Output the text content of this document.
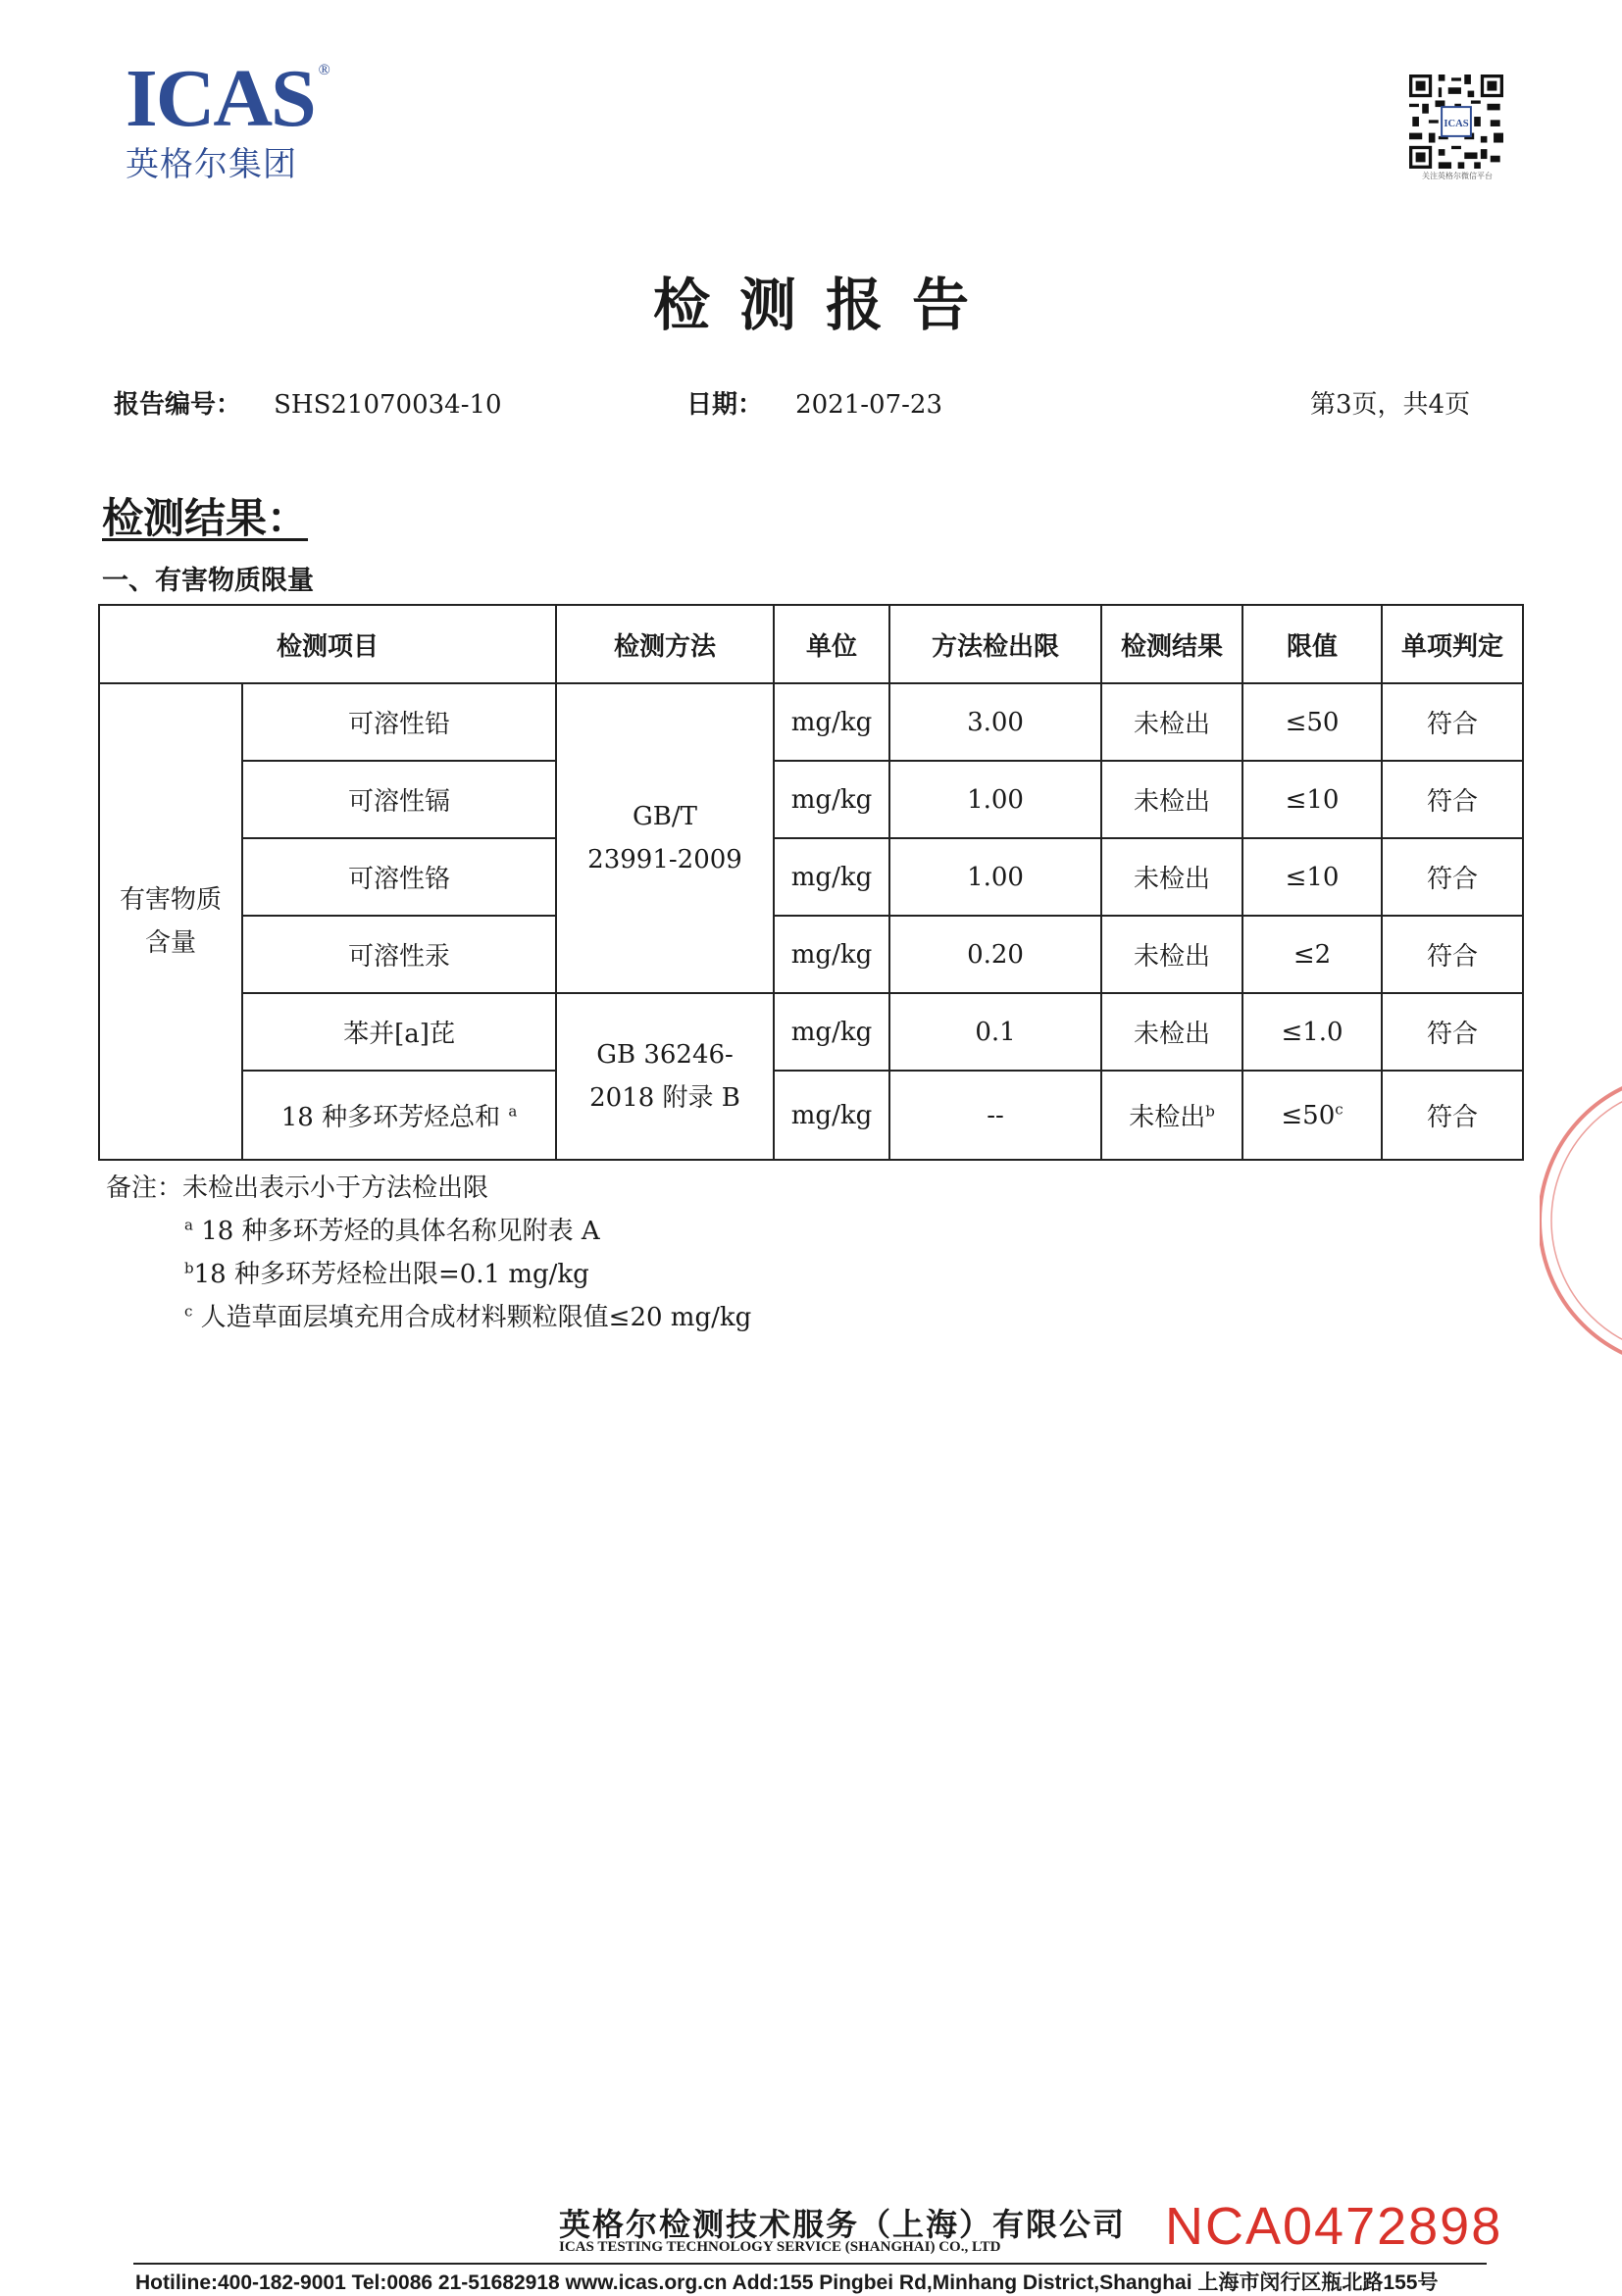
ICAS ®
英格尔集团
ICAS
关注英格尔微信平台
检测报告
报告编号： SHS21070034-10	日期： 2021-07-23	第3页，共4页
检测结果：
一、有害物质限量
检测项目		检测方法	单位	方法检出限	检测结果	限值	单项判定
有害物质含量	可溶性铅	GB/T 23991-2009	mg/kg	3.00	未检出	≤50	符合
	可溶性镉		mg/kg	1.00	未检出	≤10	符合
	可溶性铬		mg/kg	1.00	未检出	≤10	符合
	可溶性汞		mg/kg	0.20	未检出	≤2	符合
	苯并[a]芘	GB 36246-2018 附录 B	mg/kg	0.1	未检出	≤1.0	符合
	18 种多环芳烃总和 $^a$		mg/kg	--	未检出$^b$	$\le 50^c$	符合
备注：未检出表示小于方法检出限
$^a$ 18 种多环芳烃的具体名称见附表 A
$^b$18 种多环芳烃检出限=0.1 mg/kg
$^c$ 人造草面层填充用合成材料颗粒限值≤20 mg/kg
英格尔检测技术服务（上海）有限公司
ICAS TESTING TECHNOLOGY SERVICE (SHANGHAI) CO., LTD	NCA0472898
Hotiline:400-182-9001 Tel:0086 21-51682918 www.icas.org.cn Add:155 Pingbei Rd,Minhang District,Shanghai 上海市闵行区瓶北路155号
